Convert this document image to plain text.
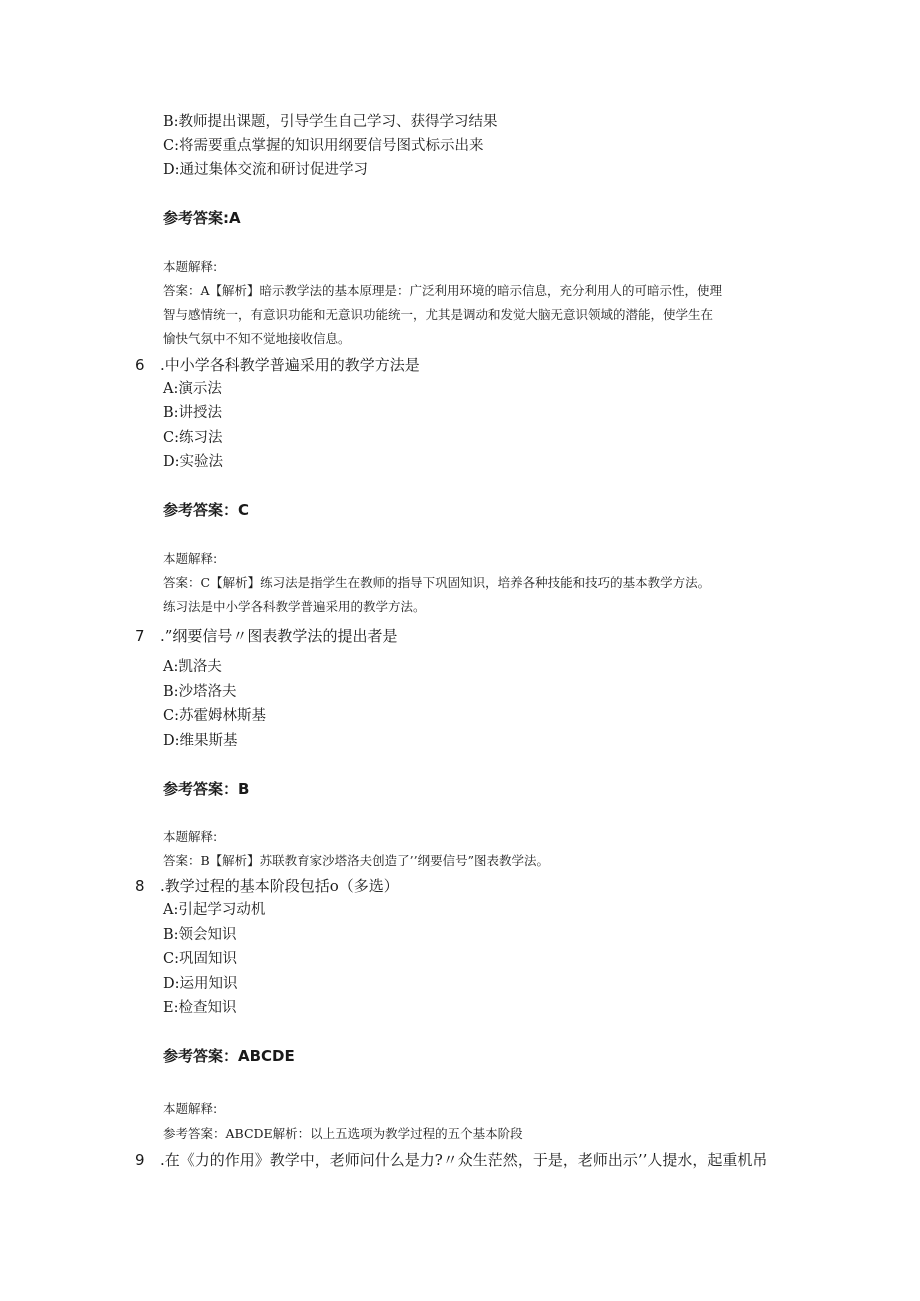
B:教师提出课题，引导学生自己学习、获得学习结果
C:将需要重点掌握的知识用纲要信号图式标示出来
D:通过集体交流和研讨促进学习
参考答案:A
本题解释:
答案：A【解析】暗示教学法的基本原理是：广泛利用环境的暗示信息，充分利用人的可暗示性，使理
智与感情统一，有意识功能和无意识功能统一，尤其是调动和发觉大脑无意识领域的潜能，使学生在
愉快气氛中不知不觉地接收信息。
6 .中小学各科教学普遍采用的教学方法是
A:演示法
B:讲授法
C:练习法
D:实验法
参考答案：C
本题解释:
答案：C【解析】练习法是指学生在教师的指导下巩固知识，培养各种技能和技巧的基本教学方法。
练习法是中小学各科教学普遍采用的教学方法。
7 .”纲要信号〃图表教学法的提出者是
A:凯洛夫
B:沙塔洛夫
C:苏霍姆林斯基
D:维果斯基
参考答案：B
本题解释:
答案：B【解析】苏联教育家沙塔洛夫创造了’’纲要信号”图表教学法。
8 .教学过程的基本阶段包括o（多选）
A:引起学习动机
B:领会知识
C:巩固知识
D:运用知识
E:检查知识
参考答案：ABCDE
本题解释:
参考答案：ABCDE解析：以上五选项为教学过程的五个基本阶段
9 .在《力的作用》教学中，老师问什么是力?〃众生茫然，于是，老师出示’’人提水，起重机吊
